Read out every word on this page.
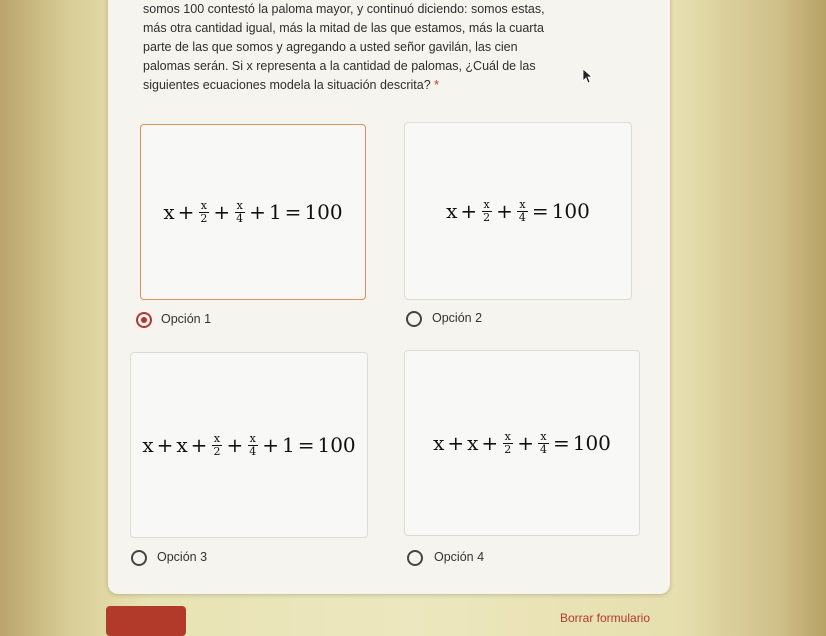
somos 100 contestó la paloma mayor, y continuó diciendo: somos estas,
más otra cantidad igual, más la mitad de las que estamos, más la cuarta
parte de las que somos y agregando a usted señor gavilán, las cien
palomas serán. Si x representa a la cantidad de palomas, ¿Cuál de las
siguientes ecuaciones modela la situación descrita? *
$x + \frac{x}{2} + \frac{x}{4} + 1 = 100$
Opción 1
$x + \frac{x}{2} + \frac{x}{4} = 100$
Opción 2
$x + x + \frac{x}{2} + \frac{x}{4} + 1 = 100$
Opción 3
$x + x + \frac{x}{2} + \frac{x}{4} = 100$
Opción 4
Borrar formulario
